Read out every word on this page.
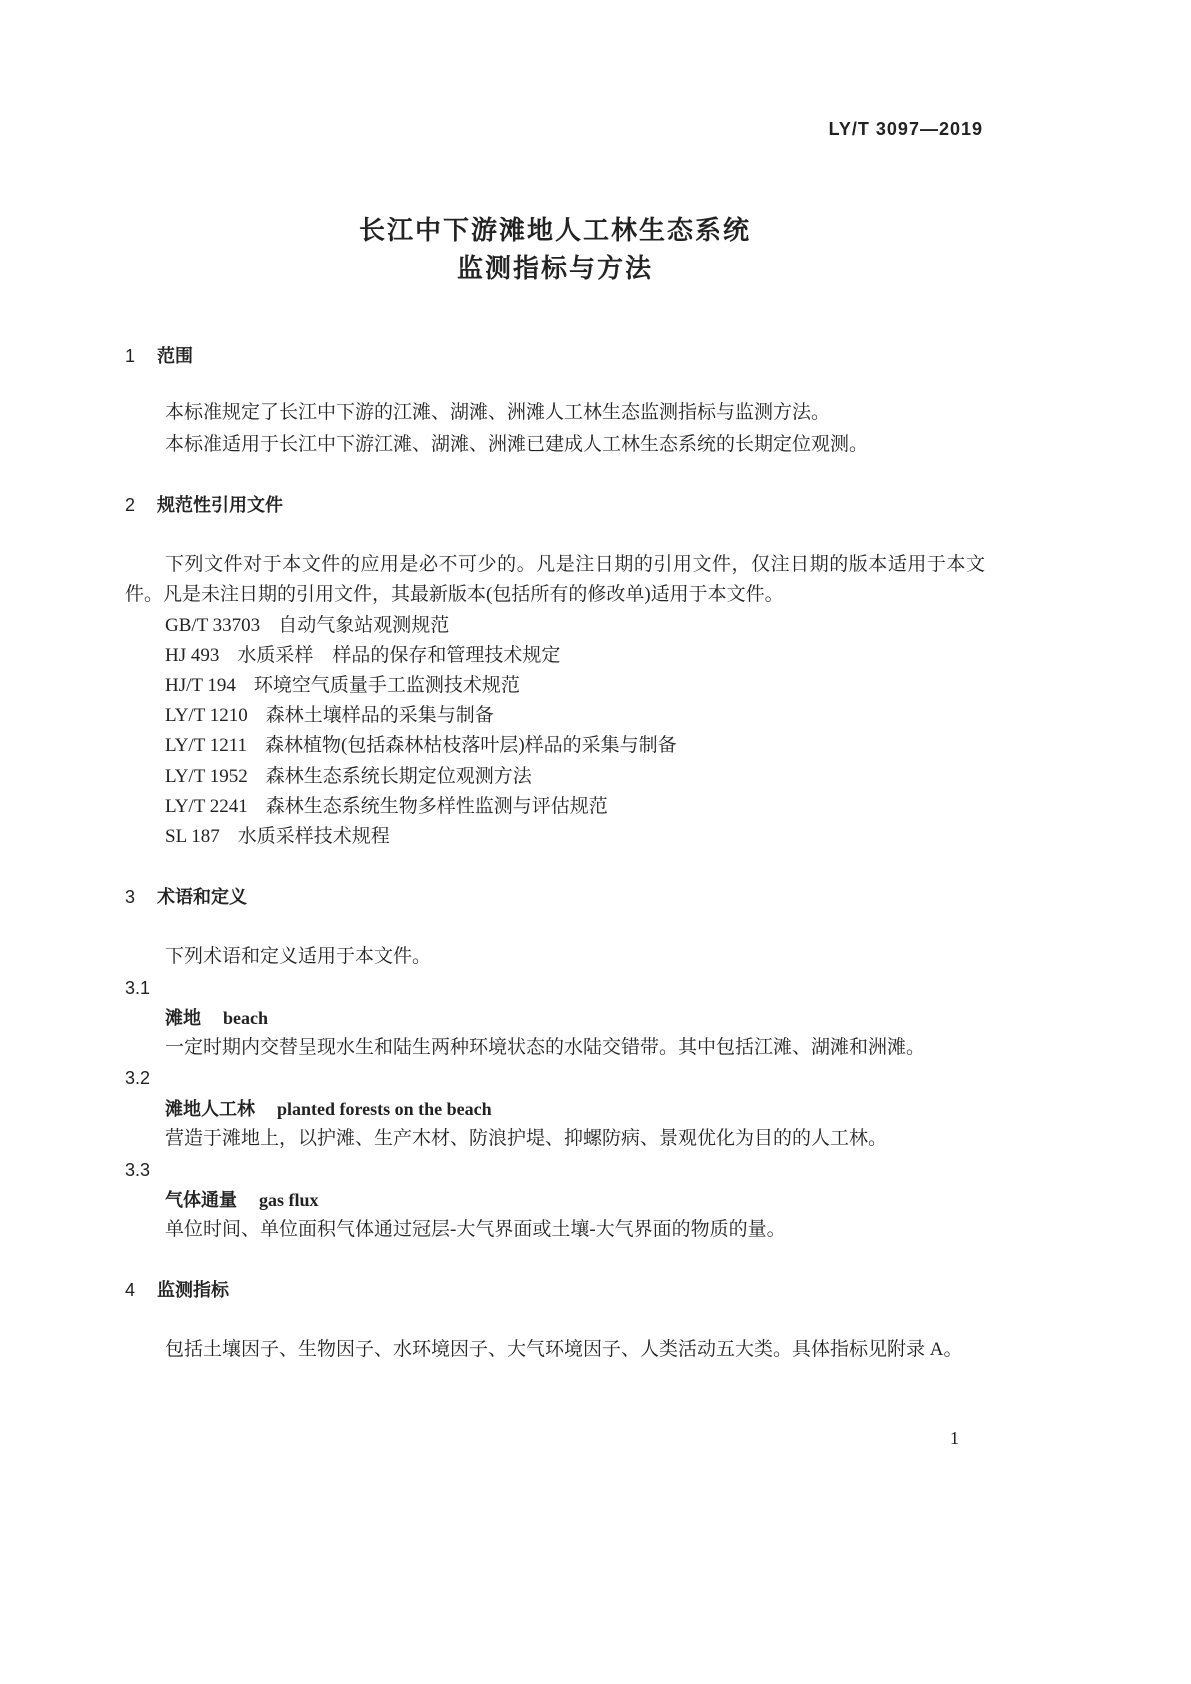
LY/T 3097—2019
长江中下游滩地人工林生态系统
监测指标与方法
1 范围
本标准规定了长江中下游的江滩、湖滩、洲滩人工林生态监测指标与监测方法。
本标准适用于长江中下游江滩、湖滩、洲滩已建成人工林生态系统的长期定位观测。
2 规范性引用文件
下列文件对于本文件的应用是必不可少的。凡是注日期的引用文件，仅注日期的版本适用于本文
件。凡是未注日期的引用文件，其最新版本(包括所有的修改单)适用于本文件。
GB/T 33703 自动气象站观测规范
HJ 493 水质采样　样品的保存和管理技术规定
HJ/T 194 环境空气质量手工监测技术规范
LY/T 1210 森林土壤样品的采集与制备
LY/T 1211 森林植物(包括森林枯枝落叶层)样品的采集与制备
LY/T 1952 森林生态系统长期定位观测方法
LY/T 2241 森林生态系统生物多样性监测与评估规范
SL 187 水质采样技术规程
3 术语和定义
下列术语和定义适用于本文件。
3.1
滩地 beach
一定时期内交替呈现水生和陆生两种环境状态的水陆交错带。其中包括江滩、湖滩和洲滩。
3.2
滩地人工林 planted forests on the beach
营造于滩地上，以护滩、生产木材、防浪护堤、抑螺防病、景观优化为目的的人工林。
3.3
气体通量 gas flux
单位时间、单位面积气体通过冠层-大气界面或土壤-大气界面的物质的量。
4 监测指标
包括土壤因子、生物因子、水环境因子、大气环境因子、人类活动五大类。具体指标见附录 A。
1
